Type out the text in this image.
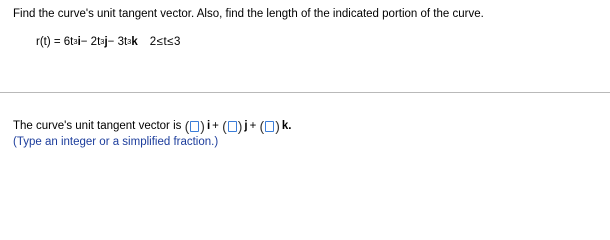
Find the curve's unit tangent vector. Also, find the length of the indicated portion of the curve.
$r(t) = 6t^3$ $i - 2t^3$ $j - 3t^3$ k 2≤t≤3
The curve's unit tangent vector is
( ) i +
( ) j +
( ) k.
(Type an integer or a simplified fraction.)
